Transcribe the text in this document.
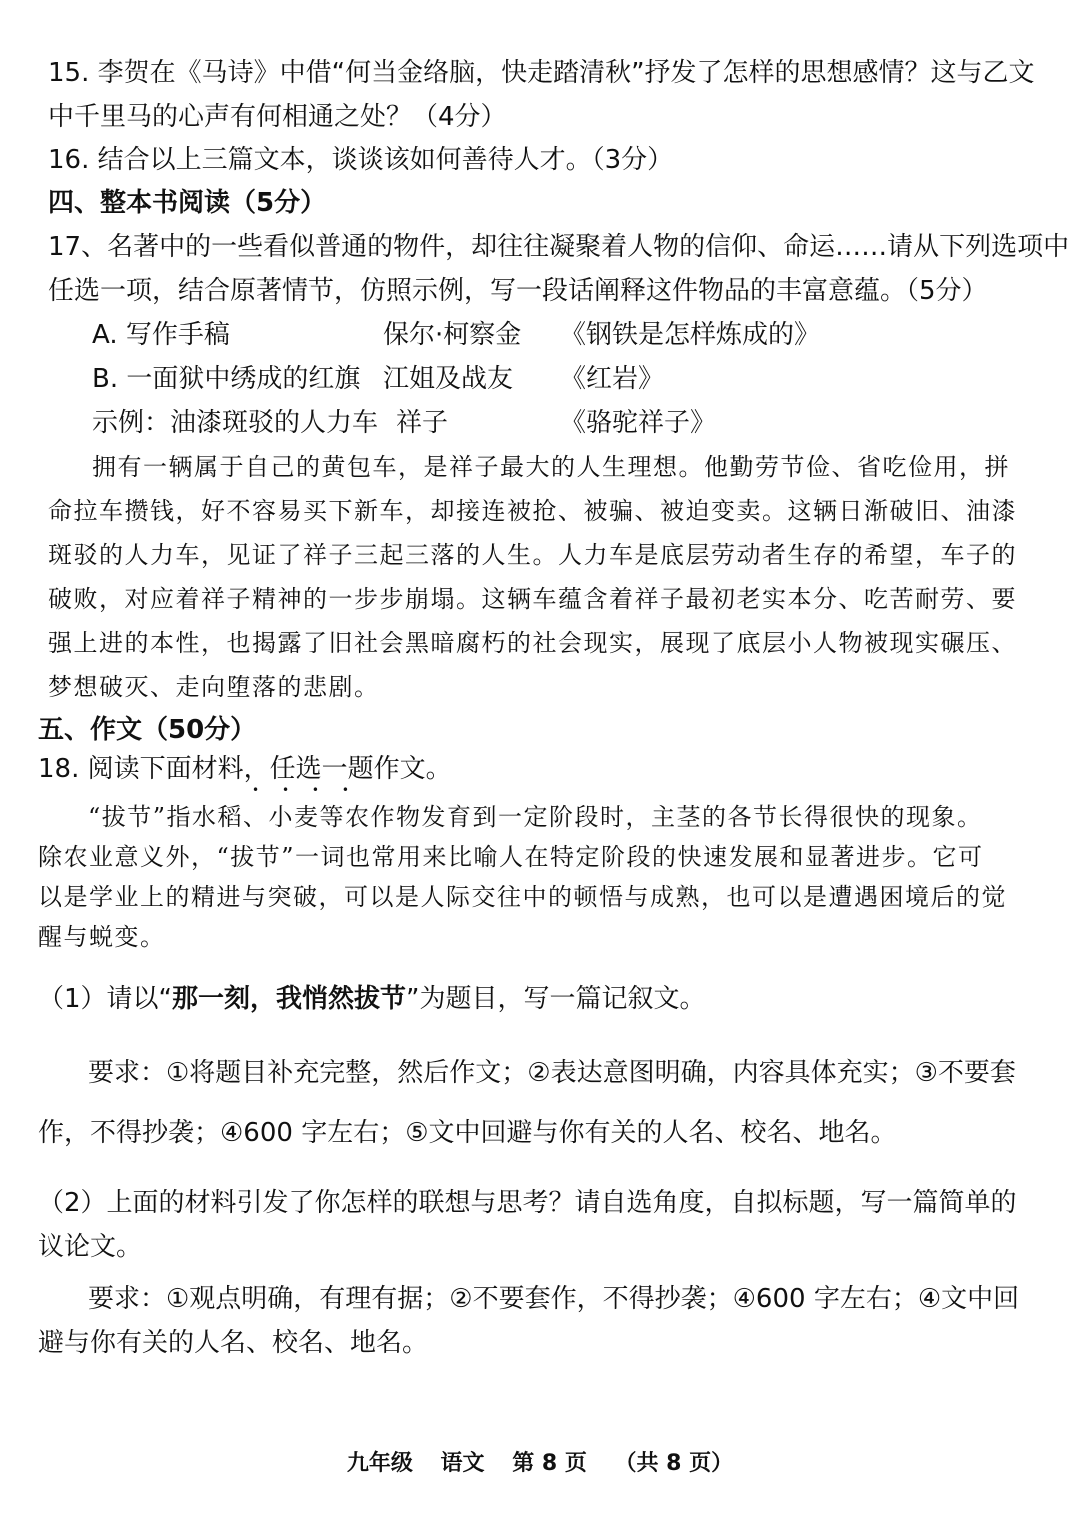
15. 李贺在《马诗》中借“何当金络脑，快走踏清秋”抒发了怎样的思想感情？这与乙文
中千里马的心声有何相通之处？（4分）
16. 结合以上三篇文本，谈谈该如何善待人才。（3分）
四、整本书阅读（5分）
17、名著中的一些看似普通的物件，却往往凝聚着人物的信仰、命运……请从下列选项中
任选一项，结合原著情节，仿照示例，写一段话阐释这件物品的丰富意蕴。（5分）
A. 写作手稿	保尔·柯察金 《钢铁是怎样炼成的》
B. 一面狱中绣成的红旗 江姐及战友 《红岩》
示例：油漆斑驳的人力车 祥子	《骆驼祥子》
拥有一辆属于自己的黄包车，是祥子最大的人生理想。他勤劳节俭、省吃俭用，拼
命拉车攒钱，好不容易买下新车，却接连被抢、被骗、被迫变卖。这辆日渐破旧、油漆
斑驳的人力车，见证了祥子三起三落的人生。人力车是底层劳动者生存的希望，车子的
破败，对应着祥子精神的一步步崩塌。这辆车蕴含着祥子最初老实本分、吃苦耐劳、要
强上进的本性，也揭露了旧社会黑暗腐朽的社会现实，展现了底层小人物被现实碾压、
梦想破灭、走向堕落的悲剧。
五、作文（50分）
18. 阅读下面材料，任选一题作文。
•      •      •      •
“拔节”指水稻、小麦等农作物发育到一定阶段时，主茎的各节长得很快的现象。
除农业意义外，“拔节”一词也常用来比喻人在特定阶段的快速发展和显著进步。它可
以是学业上的精进与突破，可以是人际交往中的顿悟与成熟，也可以是遭遇困境后的觉
醒与蜕变。
（1）请以“那一刻，我悄然拔节”为题目，写一篇记叙文。
要求：①将题目补充完整，然后作文；②表达意图明确，内容具体充实；③不要套
作，不得抄袭；④600 字左右；⑤文中回避与你有关的人名、校名、地名。
（2）上面的材料引发了你怎样的联想与思考？请自选角度，自拟标题，写一篇简单的
议论文。
要求：①观点明确，有理有据；②不要套作，不得抄袭；④600 字左右；④文中回
避与你有关的人名、校名、地名。
九年级 语文 第 8 页 （共 8 页）
